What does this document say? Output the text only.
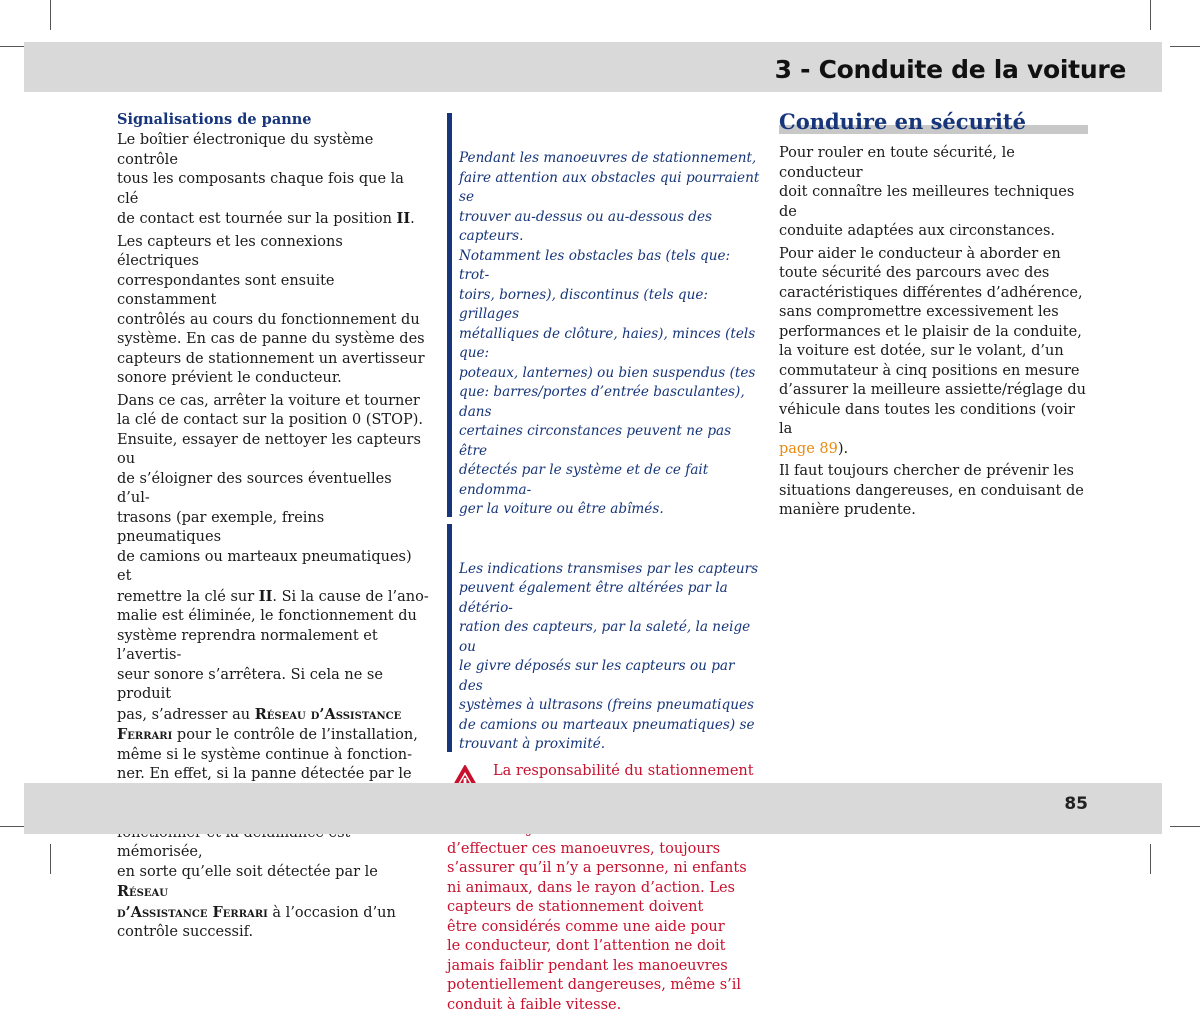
3 - Conduite de la voiture
Signalisations de panne

Le boîtier électronique du système contrôle
tous les composants chaque fois que la clé
de contact est tournée sur la position II.

Les capteurs et les connexions électriques
correspondantes sont ensuite constamment
contrôlés au cours du fonctionnement du
système. En cas de panne du système des
capteurs de stationnement un avertisseur
sonore prévient le conducteur.

Dans ce cas, arrêter la voiture et tourner
la clé de contact sur la position 0 (STOP).
Ensuite, essayer de nettoyer les capteurs ou
de s’éloigner des sources éventuelles d’ul-
trasons (par exemple, freins pneumatiques
de camions ou marteaux pneumatiques) et
remettre la clé sur II. Si la cause de l’ano-
malie est éliminée, le fonctionnement du
système reprendra normalement et l’avertis-
seur sonore s’arrêtera. Si cela ne se produit
pas, s’adresser au Réseau d’Assistance
Ferrari pour le contrôle de l’installation,
même si le système continue à fonction-
ner. En effet, si la panne détectée par le

mémorisée,
en sorte qu’elle soit détectée par le Réseau
d’Assistance Ferrari à l’occasion d’un
contrôle successif.

Pendant les manoeuvres de stationnement,
faire attention aux obstacles qui pourraient se
trouver au-dessus ou au-dessous des capteurs.
Notamment les obstacles bas (tels que: trot-
toirs, bornes), discontinus (tels que: grillages
métalliques de clôture, haies), minces (tels que:
poteaux, lanternes) ou bien suspendus (tes
que: barres/portes d’entrée basculantes), dans
certaines circonstances peuvent ne pas être
détectés par le système et de ce fait endomma-
ger la voiture ou être abîmés.

Les indications transmises par les capteurs
peuvent également être altérées par la détério-
ration des capteurs, par la saleté, la neige ou
le givre déposés sur les capteurs ou par des
systèmes à ultrasons (freins pneumatiques
de camions ou marteaux pneumatiques) se
trouvant à proximité.

La responsabilité du stationnement

d’effectuer ces manoeuvres, toujours
s’assurer qu’il n’y a personne, ni enfants
ni animaux, dans le rayon d’action. Les
capteurs de stationnement doivent
être considérés comme une aide pour
le conducteur, dont l’attention ne doit
jamais faiblir pendant les manoeuvres
potentiellement dangereuses, même s’il
conduit à faible vitesse.
Conduire en sécurité

Pour rouler en toute sécurité, le conducteur
doit connaître les meilleures techniques de
conduite adaptées aux circonstances.

Pour aider le conducteur à aborder en
toute sécurité des parcours avec des
caractéristiques différentes d’adhérence,
sans compromettre excessivement les
performances et le plaisir de la conduite,
la voiture est dotée, sur le volant, d’un
commutateur à cinq positions en mesure
d’assurer la meilleure assiette/réglage du
véhicule dans toutes les conditions (voir la
page 89).

Il faut toujours chercher de prévenir les
situations dangereuses, en conduisant de
manière prudente.

85
